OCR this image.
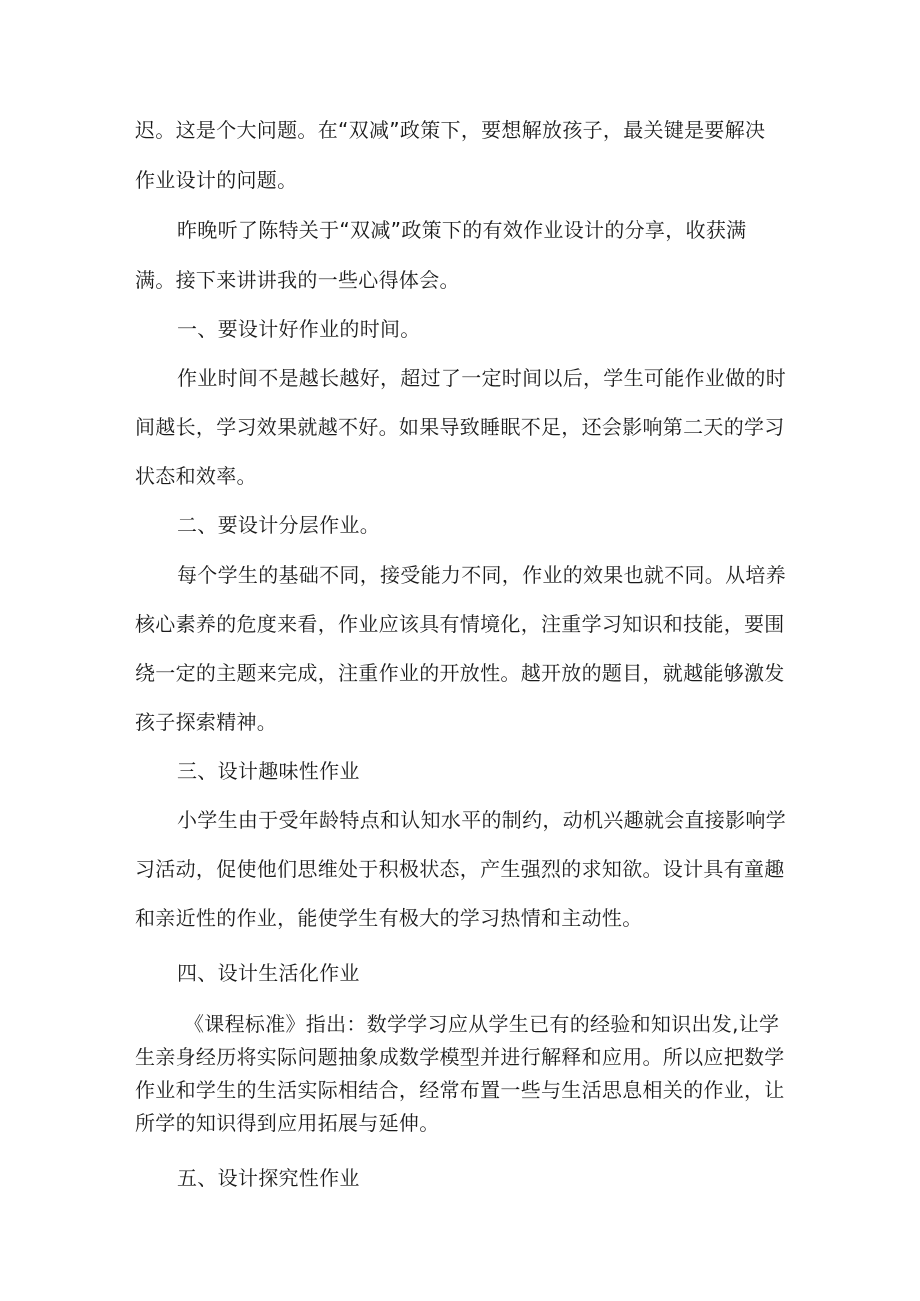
迟。这是个大问题。在“双减”政策下，要想解放孩子，最关键是要解决
作业设计的问题。
昨晚听了陈特关于“双减”政策下的有效作业设计的分享，收获满
满。接下来讲讲我的一些心得体会。
一、要设计好作业的时间。
作业时间不是越长越好，超过了一定时间以后，学生可能作业做的时
间越长，学习效果就越不好。如果导致睡眠不足，还会影响第二天的学习
状态和效率。
二、要设计分层作业。
每个学生的基础不同，接受能力不同，作业的效果也就不同。从培养
核心素养的危度来看，作业应该具有情境化，注重学习知识和技能，要围
绕一定的主题来完成，注重作业的开放性。越开放的题目，就越能够激发
孩子探索精神。
三、设计趣味性作业
小学生由于受年龄特点和认知水平的制约，动机兴趣就会直接影响学
习活动，促使他们思维处于积极状态，产生强烈的求知欲。设计具有童趣
和亲近性的作业，能使学生有极大的学习热情和主动性。
四、设计生活化作业
《课程标准》指出：数学学习应从学生已有的经验和知识出发,让学
生亲身经历将实际问题抽象成数学模型并进行解释和应用。所以应把数学
作业和学生的生活实际相结合，经常布置一些与生活思息相关的作业，让
所学的知识得到应用拓展与延伸。
五、设计探究性作业
